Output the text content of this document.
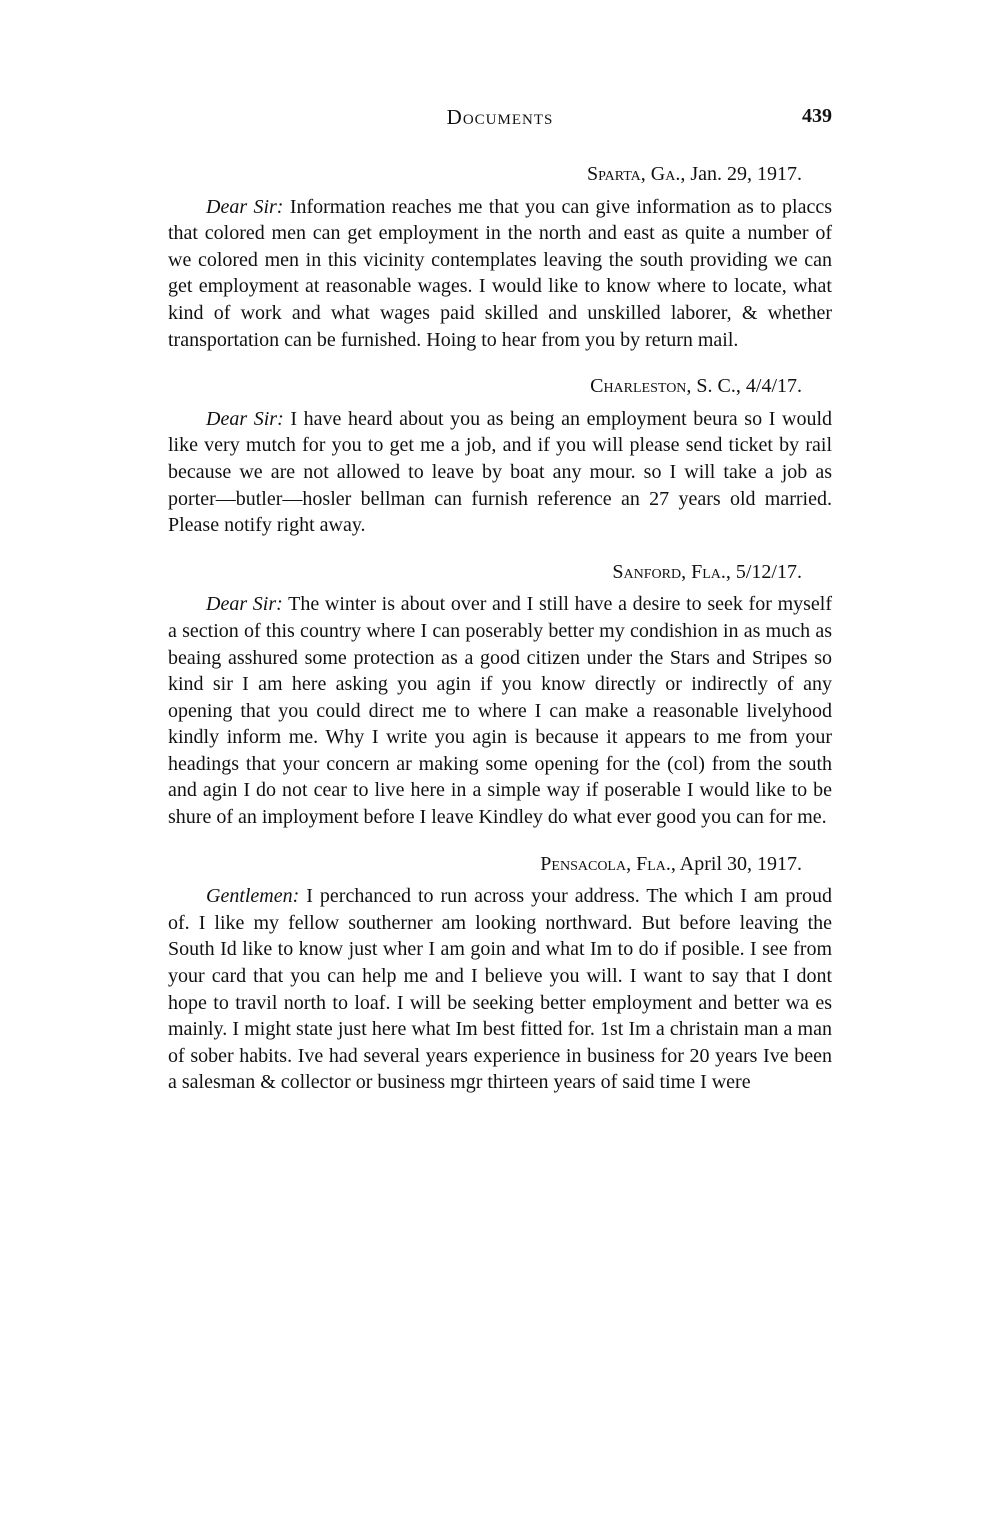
Documents	439
Sparta, Ga., Jan. 29, 1917.

Dear Sir: Information reaches me that you can give information as to placcs that colored men can get employment in the north and east as quite a number of we colored men in this vicinity contemplates leaving the south providing we can get employment at reasonable wages. I would like to know where to locate, what kind of work and what wages paid skilled and unskilled laborer, & whether transportation can be furnished. Hoing to hear from you by return mail.

Charleston, S. C., 4/4/17.

Dear Sir: I have heard about you as being an employment beura so I would like very mutch for you to get me a job, and if you will please send ticket by rail because we are not allowed to leave by boat any mour. so I will take a job as porter—butler—hosler bellman can furnish reference an 27 years old married. Please notify right away.

Sanford, Fla., 5/12/17.

Dear Sir: The winter is about over and I still have a desire to seek for myself a section of this country where I can poserably better my condishion in as much as beaing asshured some protection as a good citizen under the Stars and Stripes so kind sir I am here asking you agin if you know directly or indirectly of any opening that you could direct me to where I can make a reasonable livelyhood kindly inform me. Why I write you agin is because it appears to me from your headings that your concern ar making some opening for the (col) from the south and agin I do not cear to live here in a simple way if poserable I would like to be shure of an imployment before I leave Kindley do what ever good you can for me.

Pensacola, Fla., April 30, 1917.

Gentlemen: I perchanced to run across your address. The which I am proud of. I like my fellow southerner am looking northward. But before leaving the South Id like to know just wher I am goin and what Im to do if posible. I see from your card that you can help me and I believe you will. I want to say that I dont hope to travil north to loaf. I will be seeking better employment and better wa es mainly. I might state just here what Im best fitted for. 1st Im a christain man a man of sober habits. Ive had several years experience in business for 20 years Ive been a salesman & collector or business mgr thirteen years of said time I were
